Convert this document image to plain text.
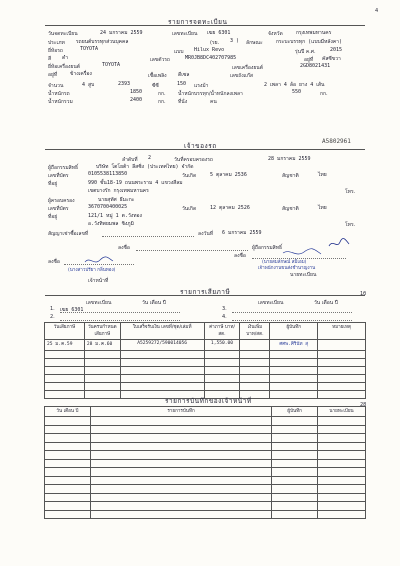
4
รายการจดทะเบียน
วันจดทะเบียน	24 มกราคม 2559	เลขทะเบียน เฆย 6301	จังหวัด	กรุงเทพมหานคร
ประเภท รถยนต์บรรทุกส่วนบุคคล	(รย. 3 ) ลักษณะ	กระบะบรรทุก (แบบมีหลังคา)
ยี่ห้อรถ	TOYOTA	แบบ Hilux Revo	รุ่นปี ค.ศ.	2015
สี ดำ	เลขตัวรถ	MR0JB8DC402707985	อยู่ที่ คัสซีขวา
ยี่ห้อเครื่องยนต์	TOYOTA	เลขเครื่องยนต์	2GD8021431
อยู่ที่	ข้างเครื่อง	เชื้อเพลิง ดีเซล	เลขถังแก๊ส
จำนวน	4 สูบ	2393	ซีซี	150 แรงม้า	2 เพลา 4 ล้อ ยาง 4 เส้น
น้ำหนักรถ	1850	กก. น้ำหนักบรรทุก/น้ำหนักลงเพลา	550	กก.
น้ำหนักรวม	2400	กก. ที่นั่ง	คน
เจ้าของรถ
A5802961
ลำดับที่ 2	วันที่ครอบครองรถ	28 มกราคม 2559
ผู้ถือกรรมสิทธิ์	บริษัท โตโยต้า ลีสซิ่ง (ประเทศไทย) จำกัด
เลขที่บัตร	0105538113850	วันเกิด	5 ตุลาคม 2536	สัญชาติ	ไทย
ที่อยู่	990 ชั้น18-19 ถนนพระราม 4 แขวงสีลม
เขตบางรัก กรุงเทพมหานคร	โทร.
ผู้ครอบครอง	นายสุทัศ ธีมะกะ
เลขที่บัตร	3670700400025	วันเกิด	12 ตุลาคม 2526	สัญชาติ	ไทย
ที่อยู่	121/1 หมู่ 1 ต.วังทอง
อ.วังทิพยมพล ชิงภูมิ	โทร.
สัญญาเช่าซื้อเลขที่	ลงวันที่ 6 มกราคม 2559
ลงชื่อ	ผู้ถือกรรมสิทธิ์
ลงชื่อ
(นางสาวปรียา กลิ่นทอง)
เจ้าหน้าที่
ลงชื่อ
(นายสมลักษณ์ สมิเอม)
เจ้าพนักงานขนส่งชำนาญงาน
นายทะเบียน
รายการเสียภาษี	1б
เลขทะเบียน	วัน เดือน ปี	เลขทะเบียน	วัน เดือน ปี
1. เฆย 6301
2.
3.
4.
วันเสียภาษี	วันครบกำหนดเสียภาษี	ใบเสร็จรับเงิน เลขที่/ชุด/เล่มที่	ค่าภาษี บาท/สต.	เงินเพิ่ม บาท/สต.	ผู้บันทึก	หมายเหตุ
25 ม.ค.59	28 ม.ค.60	A5259272/590014056	1,550.00		ศศพ.ศิรินัท สุ	

รายการบันทึกของเจ้าหน้าที่	28
วัน เดือน ปี	รายการบันทึก	ผู้บันทึก	นายทะเบียน
